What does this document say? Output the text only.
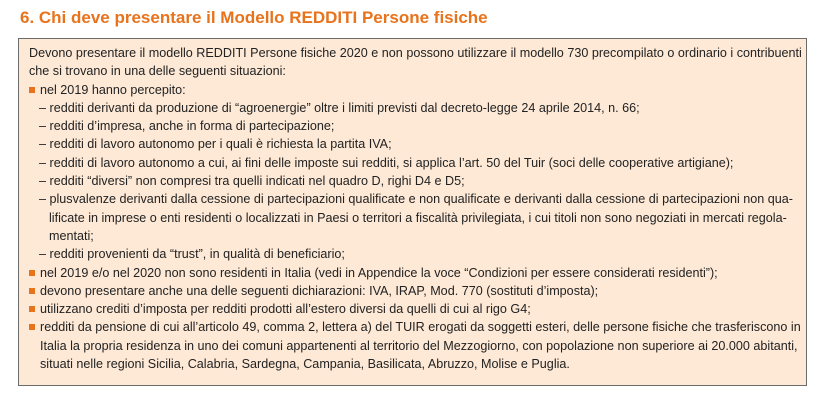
6. Chi deve presentare il Modello REDDITI Persone fisiche
Devono presentare il modello REDDITI Persone fisiche 2020 e non possono utilizzare il modello 730 precompilato o ordinario i contribuenti
che si trovano in una delle seguenti situazioni:
nel 2019 hanno percepito:
– redditi derivanti da produzione di “agroenergie” oltre i limiti previsti dal decreto-legge 24 aprile 2014, n. 66;
– redditi d’impresa, anche in forma di partecipazione;
– redditi di lavoro autonomo per i quali è richiesta la partita IVA;
– redditi di lavoro autonomo a cui, ai fini delle imposte sui redditi, si applica l’art. 50 del Tuir (soci delle cooperative artigiane);
– redditi “diversi” non compresi tra quelli indicati nel quadro D, righi D4 e D5;
– plusvalenze derivanti dalla cessione di partecipazioni qualificate e non qualificate e derivanti dalla cessione di partecipazioni non qua-
lificate in imprese o enti residenti o localizzati in Paesi o territori a fiscalità privilegiata, i cui titoli non sono negoziati in mercati regola-
mentati;
– redditi provenienti da “trust”, in qualità di beneficiario;
nel 2019 e/o nel 2020 non sono residenti in Italia (vedi in Appendice la voce “Condizioni per essere considerati residenti”);
devono presentare anche una delle seguenti dichiarazioni: IVA, IRAP, Mod. 770 (sostituti d’imposta);
utilizzano crediti d’imposta per redditi prodotti all’estero diversi da quelli di cui al rigo G4;
redditi da pensione di cui all’articolo 49, comma 2, lettera a) del TUIR erogati da soggetti esteri, delle persone fisiche che trasferiscono in
Italia la propria residenza in uno dei comuni appartenenti al territorio del Mezzogiorno, con popolazione non superiore ai 20.000 abitanti,
situati nelle regioni Sicilia, Calabria, Sardegna, Campania, Basilicata, Abruzzo, Molise e Puglia.
